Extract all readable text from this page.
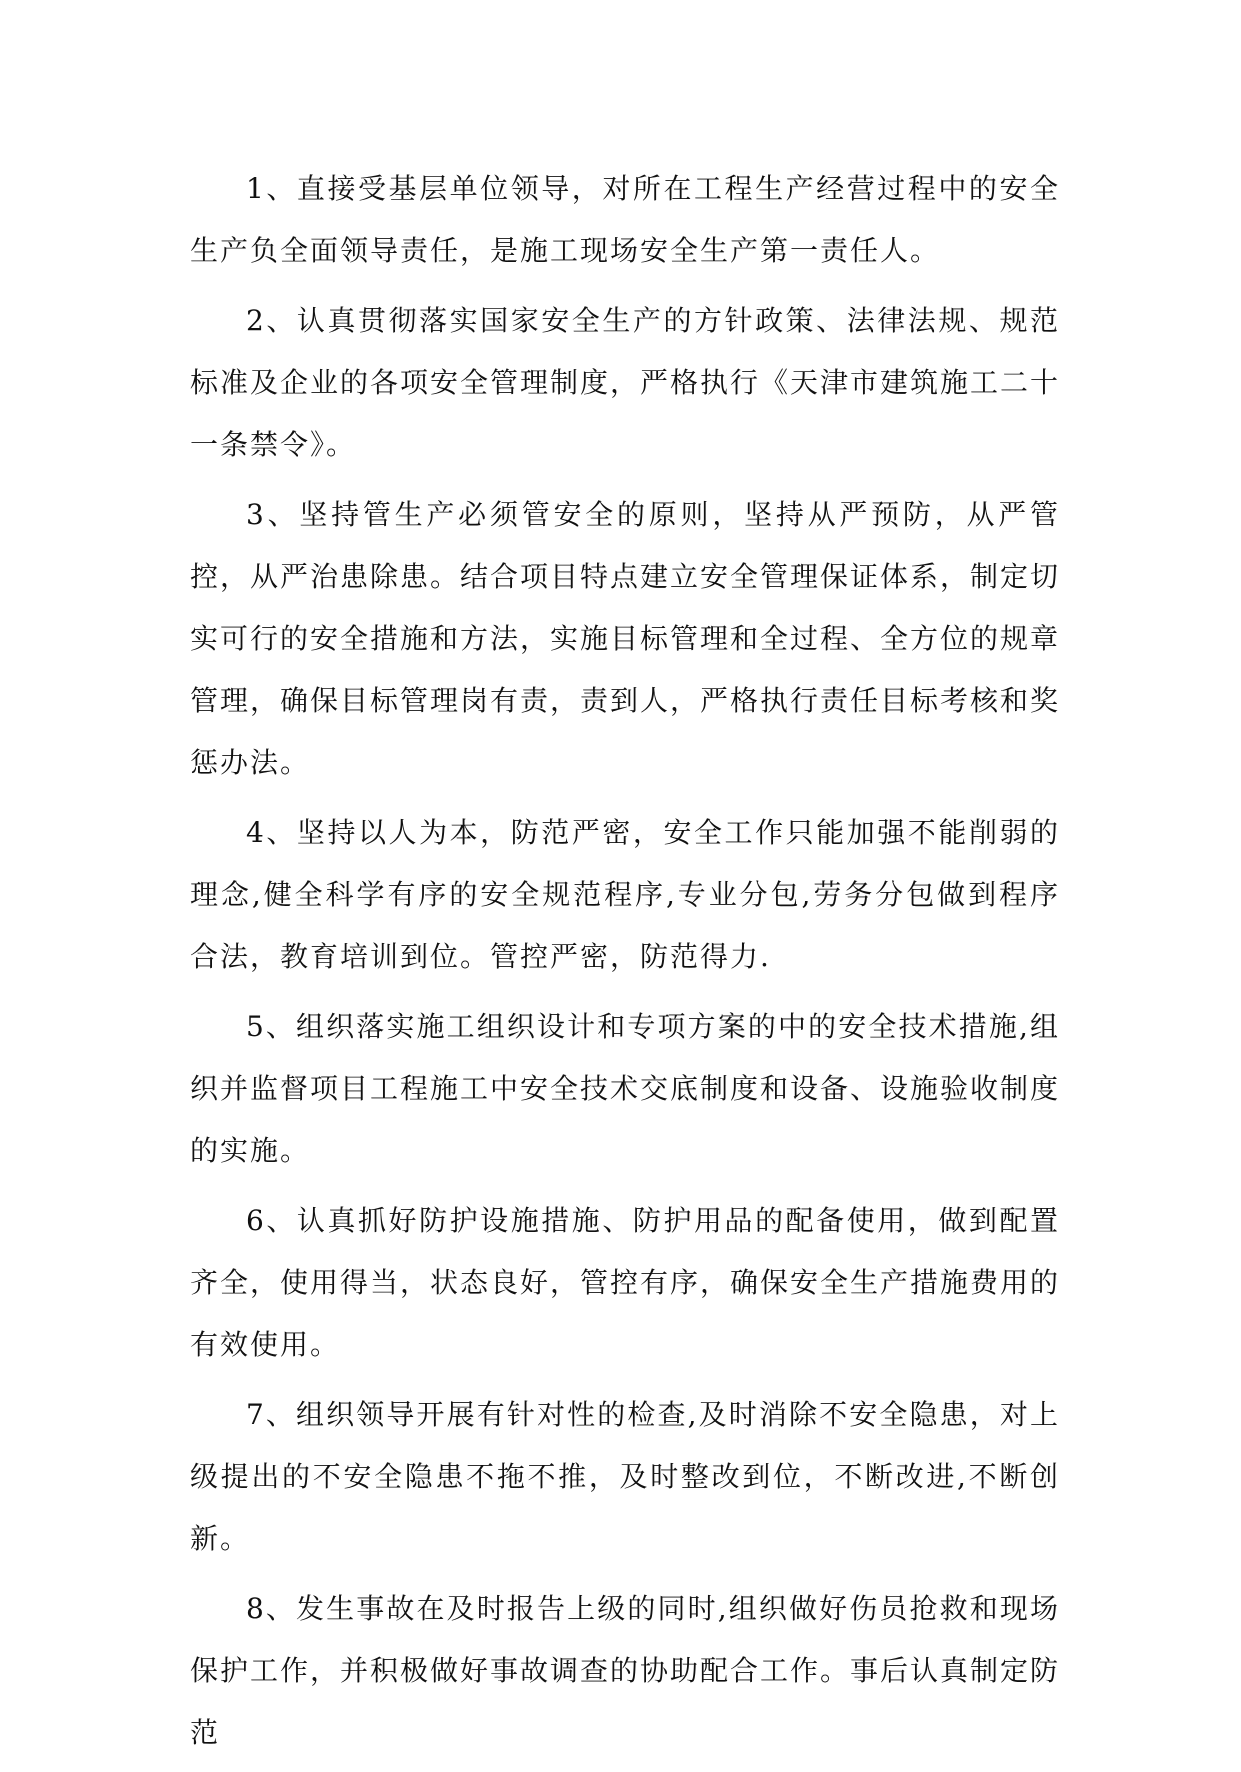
1、直接受基层单位领导，对所在工程生产经营过程中的安全生产负全面领导责任，是施工现场安全生产第一责任人。

2、认真贯彻落实国家安全生产的方针政策、法律法规、规范标准及企业的各项安全管理制度，严格执行《天津市建筑施工二十一条禁令》。

3、坚持管生产必须管安全的原则，坚持从严预防，从严管控，从严治患除患。结合项目特点建立安全管理保证体系，制定切实可行的安全措施和方法，实施目标管理和全过程、全方位的规章管理，确保目标管理岗有责，责到人，严格执行责任目标考核和奖惩办法。

4、坚持以人为本，防范严密，安全工作只能加强不能削弱的理念,健全科学有序的安全规范程序,专业分包,劳务分包做到程序合法，教育培训到位。管控严密，防范得力.

5、组织落实施工组织设计和专项方案的中的安全技术措施,组织并监督项目工程施工中安全技术交底制度和设备、设施验收制度的实施。

6、认真抓好防护设施措施、防护用品的配备使用，做到配置齐全，使用得当，状态良好，管控有序，确保安全生产措施费用的有效使用。

7、组织领导开展有针对性的检查,及时消除不安全隐患，对上级提出的不安全隐患不拖不推，及时整改到位，不断改进,不断创新。

8、发生事故在及时报告上级的同时,组织做好伤员抢救和现场保护工作，并积极做好事故调查的协助配合工作。事后认真制定防范
